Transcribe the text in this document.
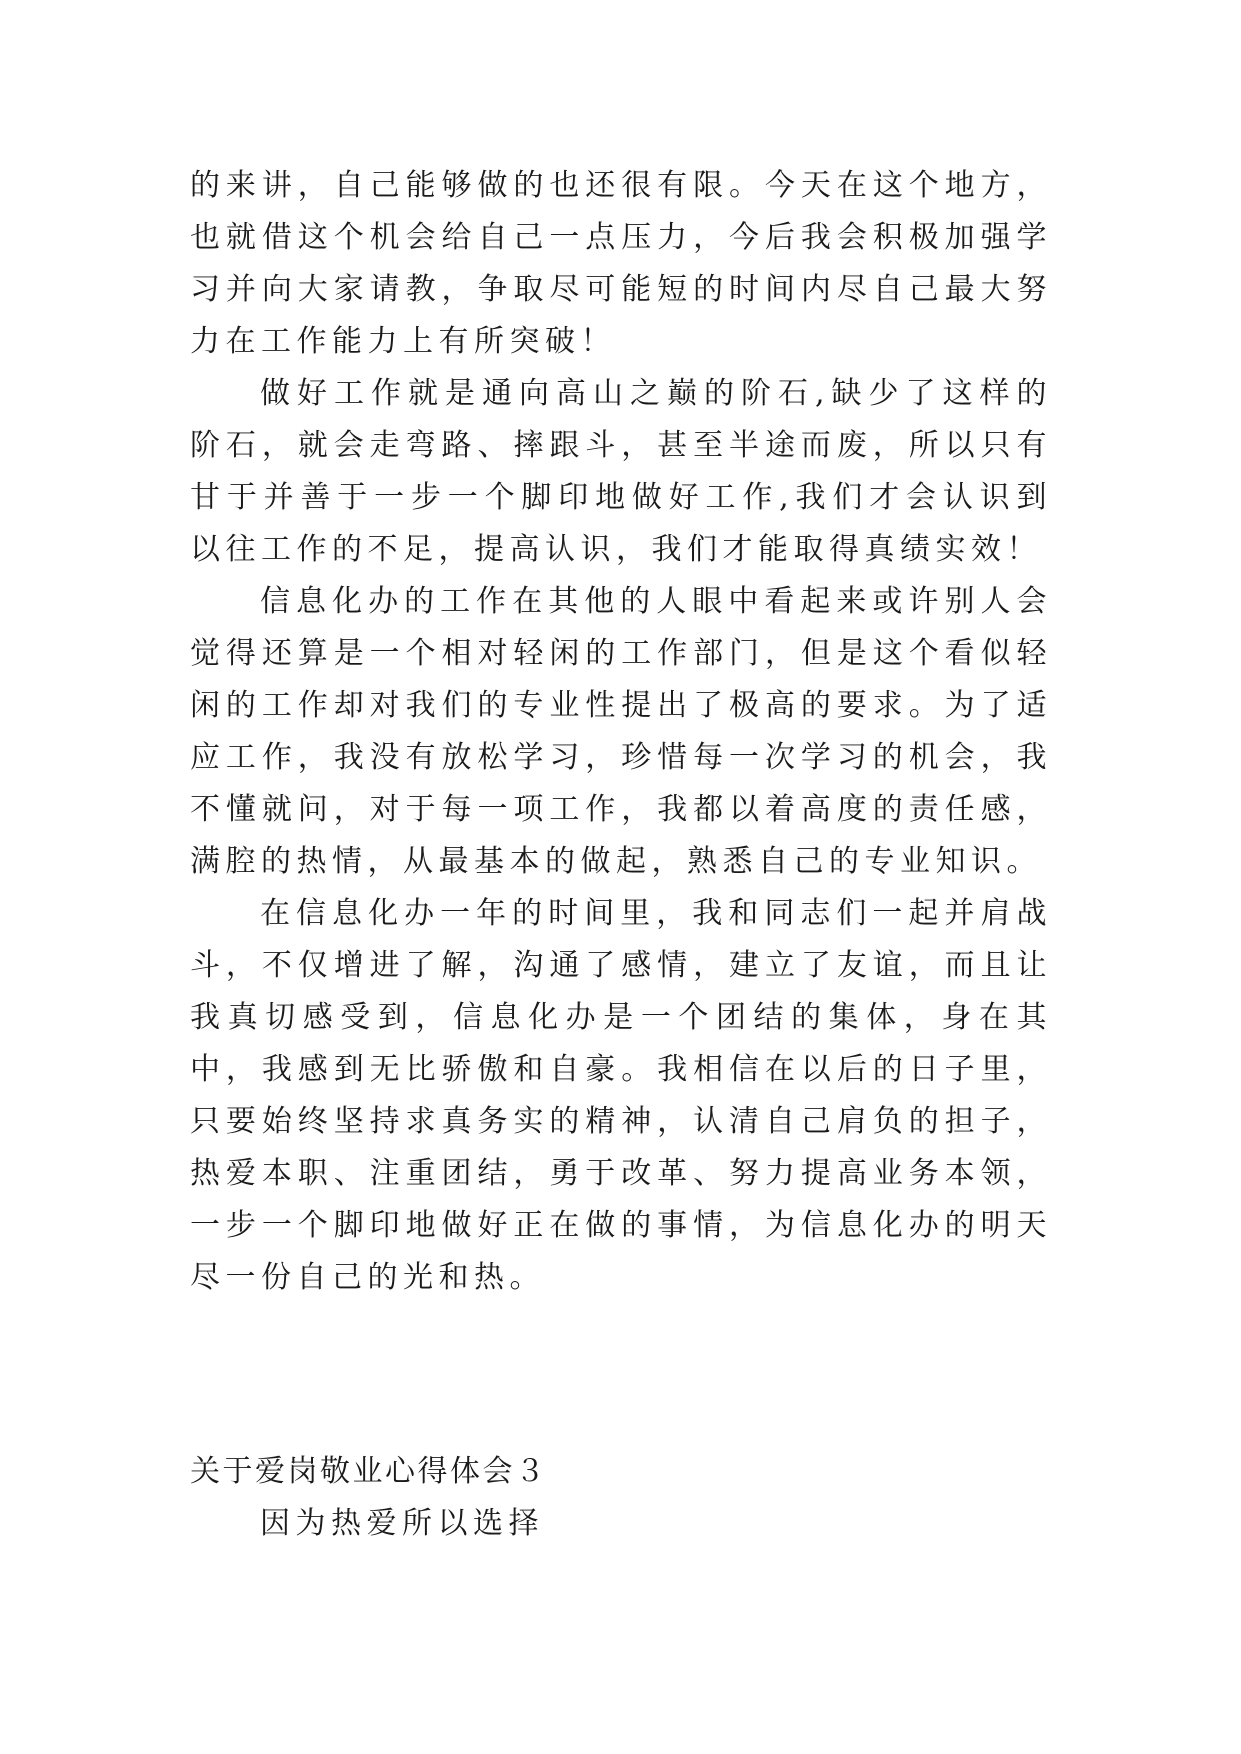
的来讲，自己能够做的也还很有限。今天在这个地方，也就借这个机会给自己一点压力，今后我会积极加强学习并向大家请教，争取尽可能短的时间内尽自己最大努力在工作能力上有所突破！

做好工作就是通向高山之巅的阶石,缺少了这样的阶石，就会走弯路、摔跟斗，甚至半途而废，所以只有甘于并善于一步一个脚印地做好工作,我们才会认识到以往工作的不足，提高认识，我们才能取得真绩实效！

信息化办的工作在其他的人眼中看起来或许别人会觉得还算是一个相对轻闲的工作部门，但是这个看似轻闲的工作却对我们的专业性提出了极高的要求。为了适应工作，我没有放松学习，珍惜每一次学习的机会，我不懂就问，对于每一项工作，我都以着高度的责任感，满腔的热情，从最基本的做起，熟悉自己的专业知识。

在信息化办一年的时间里，我和同志们一起并肩战斗，不仅增进了解，沟通了感情，建立了友谊，而且让我真切感受到，信息化办是一个团结的集体，身在其中，我感到无比骄傲和自豪。我相信在以后的日子里，只要始终坚持求真务实的精神，认清自己肩负的担子，热爱本职、注重团结，勇于改革、努力提高业务本领，一步一个脚印地做好正在做的事情，为信息化办的明天尽一份自己的光和热。

关于爱岗敬业心得体会３

因为热爱所以选择
